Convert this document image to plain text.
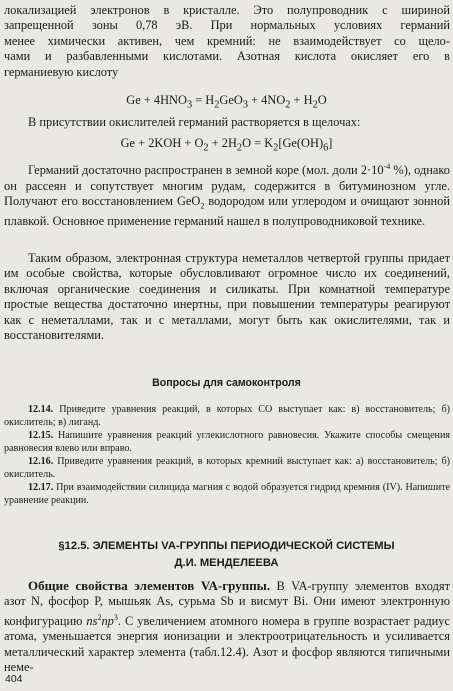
локализацией электронов в кристалле. Это полупроводник с шириной
запрещенной зоны 0,78 эВ. При нормальных условиях германий
менее химически активен, чем кремний: не взаимодействует со щело-
чами и разбавленными кислотами. Азотная кислота окисляет его в
германиевую кислоту
$Ge + 4HNO_3 = H_2GeO_3 + 4NO_2 + H_2O$
В присутствии окислителей германий растворяется в щелочах:
$Ge + 2KOH + O_2 + 2H_2O = K_2[Ge(OH)_6]$

Германий достаточно распространен в земной коре (мол. доли $2\cdot 10^{-4}$ %), однако он рассеян и сопутствует многим рудам, содержится в битуминозном угле. Получают его восстановлением GeO$_2$ водородом или углеродом и очищают зонной плавкой. Основное применение германий нашел в полупроводниковой технике.

Таким образом, электронная структура неметаллов четвертой группы придает им особые свойства, которые обусловливают огромное число их соединений, включая органические соединения и силикаты. При комнатной температуре простые вещества достаточно инертны, при повышении температуры реагируют как с неметаллами, так и с металлами, могут быть как окислителями, так и восстановителями.

Вопросы для самоконтроля

12.14. Приведите уравнения реакций, в которых CO выступает как: в) восстановитель; б) окислитель; в) лиганд.

12.15. Напишите уравнения реакций углекислотного равновесия. Укажите способы смещения равновесия влево или вправо.

12.16. Приведите уравнения реакций, в которых кремний выступает как: а) восстановитель; б) окислитель.

12.17. При взаимодействии силицида магния с водой образуется гидрид кремния (IV). Напишите уравнение реакции.

§12.5. ЭЛЕМЕНТЫ VA-ГРУППЫ ПЕРИОДИЧЕСКОЙ СИСТЕМЫ
Д.И. МЕНДЕЛЕЕВА

Общие свойства элементов VA-группы. В VA-группу элементов входят азот N, фосфор P, мышьяк As, сурьма Sb и висмут Bi. Они имеют электронную конфигурацию $ns^2np^3$. С увеличением атомного номера в группе возрастает радиус атома, уменьшается энергия ионизации и электроотрицательность и усиливается металлический характер элемента (табл.12.4). Азот и фосфор являются типичными неме-

404
